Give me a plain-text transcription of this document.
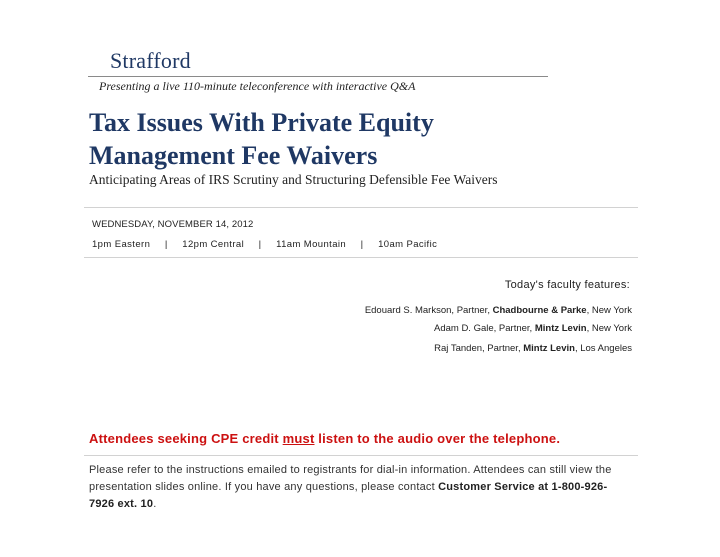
Strafford
Presenting a live 110-minute teleconference with interactive Q&A
Tax Issues With Private Equity
Management Fee Waivers
Anticipating Areas of IRS Scrutiny and Structuring Defensible Fee Waivers
WEDNESDAY, NOVEMBER 14, 2012
1pm Eastern | 12pm Central | 11am Mountain | 10am Pacific
Today's faculty features:
Edouard S. Markson, Partner, Chadbourne & Parke, New York
Adam D. Gale, Partner, Mintz Levin, New York
Raj Tanden, Partner, Mintz Levin, Los Angeles
Attendees seeking CPE credit must listen to the audio over the telephone.
Please refer to the instructions emailed to registrants for dial-in information. Attendees can still view the presentation slides online. If you have any questions, please contact Customer Service at 1-800-926-7926 ext. 10.
